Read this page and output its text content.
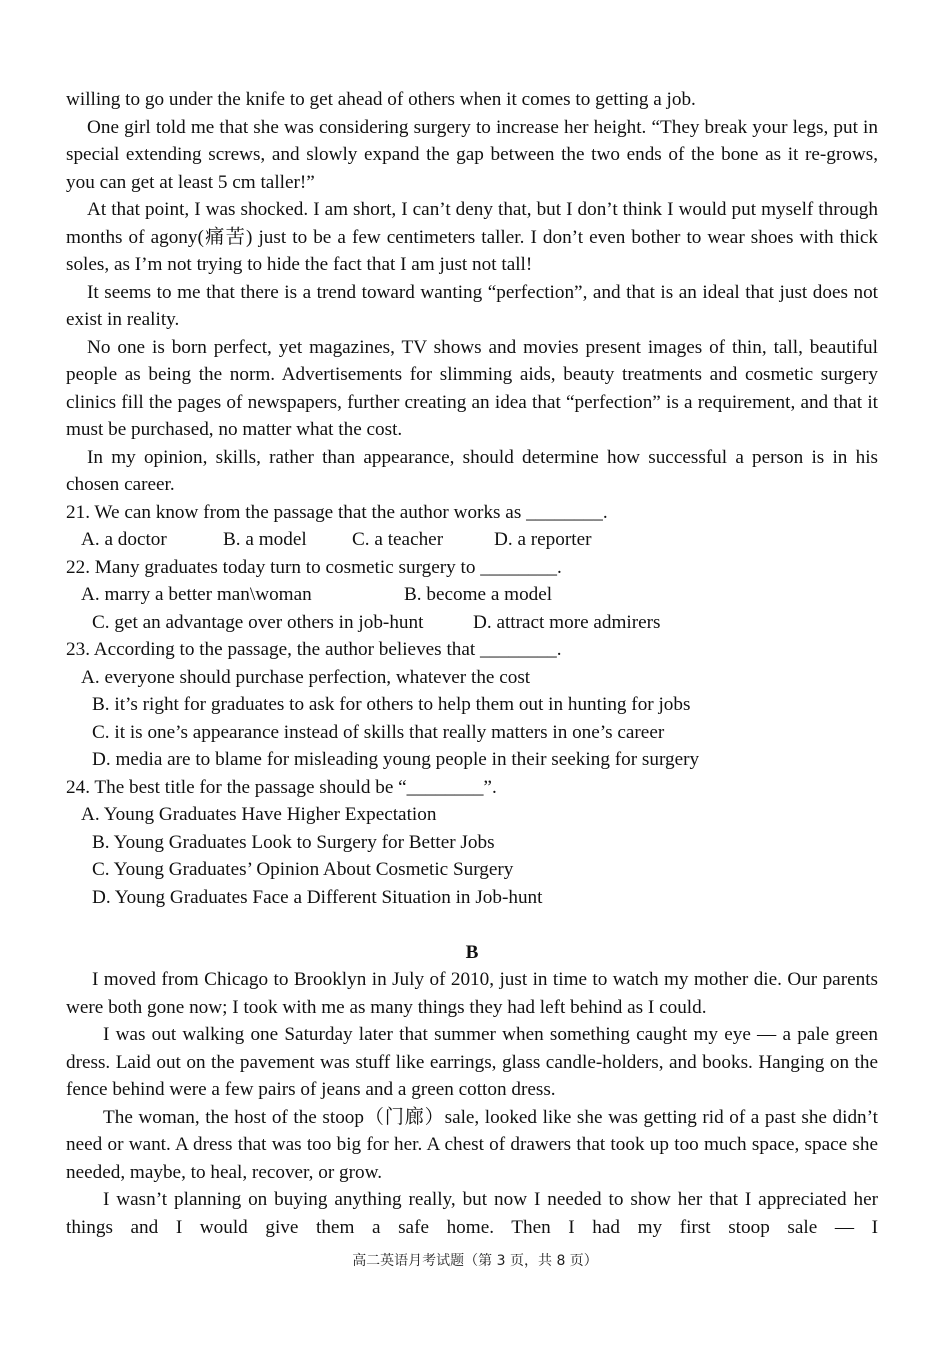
willing to go under the knife to get ahead of others when it comes to getting a job.

One girl told me that she was considering surgery to increase her height. “They break your legs, put in special extending screws, and slowly expand the gap between the two ends of the bone as it re-grows, you can get at least 5 cm taller!”

At that point, I was shocked. I am short, I can’t deny that, but I don’t think I would put myself through months of agony(痛苦) just to be a few centimeters taller. I don’t even bother to wear shoes with thick soles, as I’m not trying to hide the fact that I am just not tall!

It seems to me that there is a trend toward wanting “perfection”, and that is an ideal that just does not exist in reality.

No one is born perfect, yet magazines, TV shows and movies present images of thin, tall, beautiful people as being the norm. Advertisements for slimming aids, beauty treatments and cosmetic surgery clinics fill the pages of newspapers, further creating an idea that “perfection” is a requirement, and that it must be purchased, no matter what the cost.

In my opinion, skills, rather than appearance, should determine how successful a person is in his chosen career.

21. We can know from the passage that the author works as ________.

A. a doctor	B. a model C. a teacher	D. a reporter

22. Many graduates today turn to cosmetic surgery to ________.

A. marry a better man\woman	B. become a model

C. get an advantage over others in job-hunt	D. attract more admirers

23. According to the passage, the author believes that ________.

A. everyone should purchase perfection, whatever the cost

B. it’s right for graduates to ask for others to help them out in hunting for jobs

C. it is one’s appearance instead of skills that really matters in one’s career

D. media are to blame for misleading young people in their seeking for surgery

24. The best title for the passage should be “________”.

A. Young Graduates Have Higher Expectation

B. Young Graduates Look to Surgery for Better Jobs

C. Young Graduates’ Opinion About Cosmetic Surgery

D. Young Graduates Face a Different Situation in Job-hunt

B

I moved from Chicago to Brooklyn in July of 2010, just in time to watch my mother die. Our parents were both gone now; I took with me as many things they had left behind as I could.

I was out walking one Saturday later that summer when something caught my eye — a pale green dress. Laid out on the pavement was stuff like earrings, glass candle-holders, and books. Hanging on the fence behind were a few pairs of jeans and a green cotton dress.

The woman, the host of the stoop（门廊）sale, looked like she was getting rid of a past she didn’t need or want. A dress that was too big for her. A chest of drawers that took up too much space, space she needed, maybe, to heal, recover, or grow.

I wasn’t planning on buying anything really, but now I needed to show her that I appreciated her things and I would give them a safe home. Then I had my first stoop sale — I

高二英语月考试题（第 3 页，共 8 页）
